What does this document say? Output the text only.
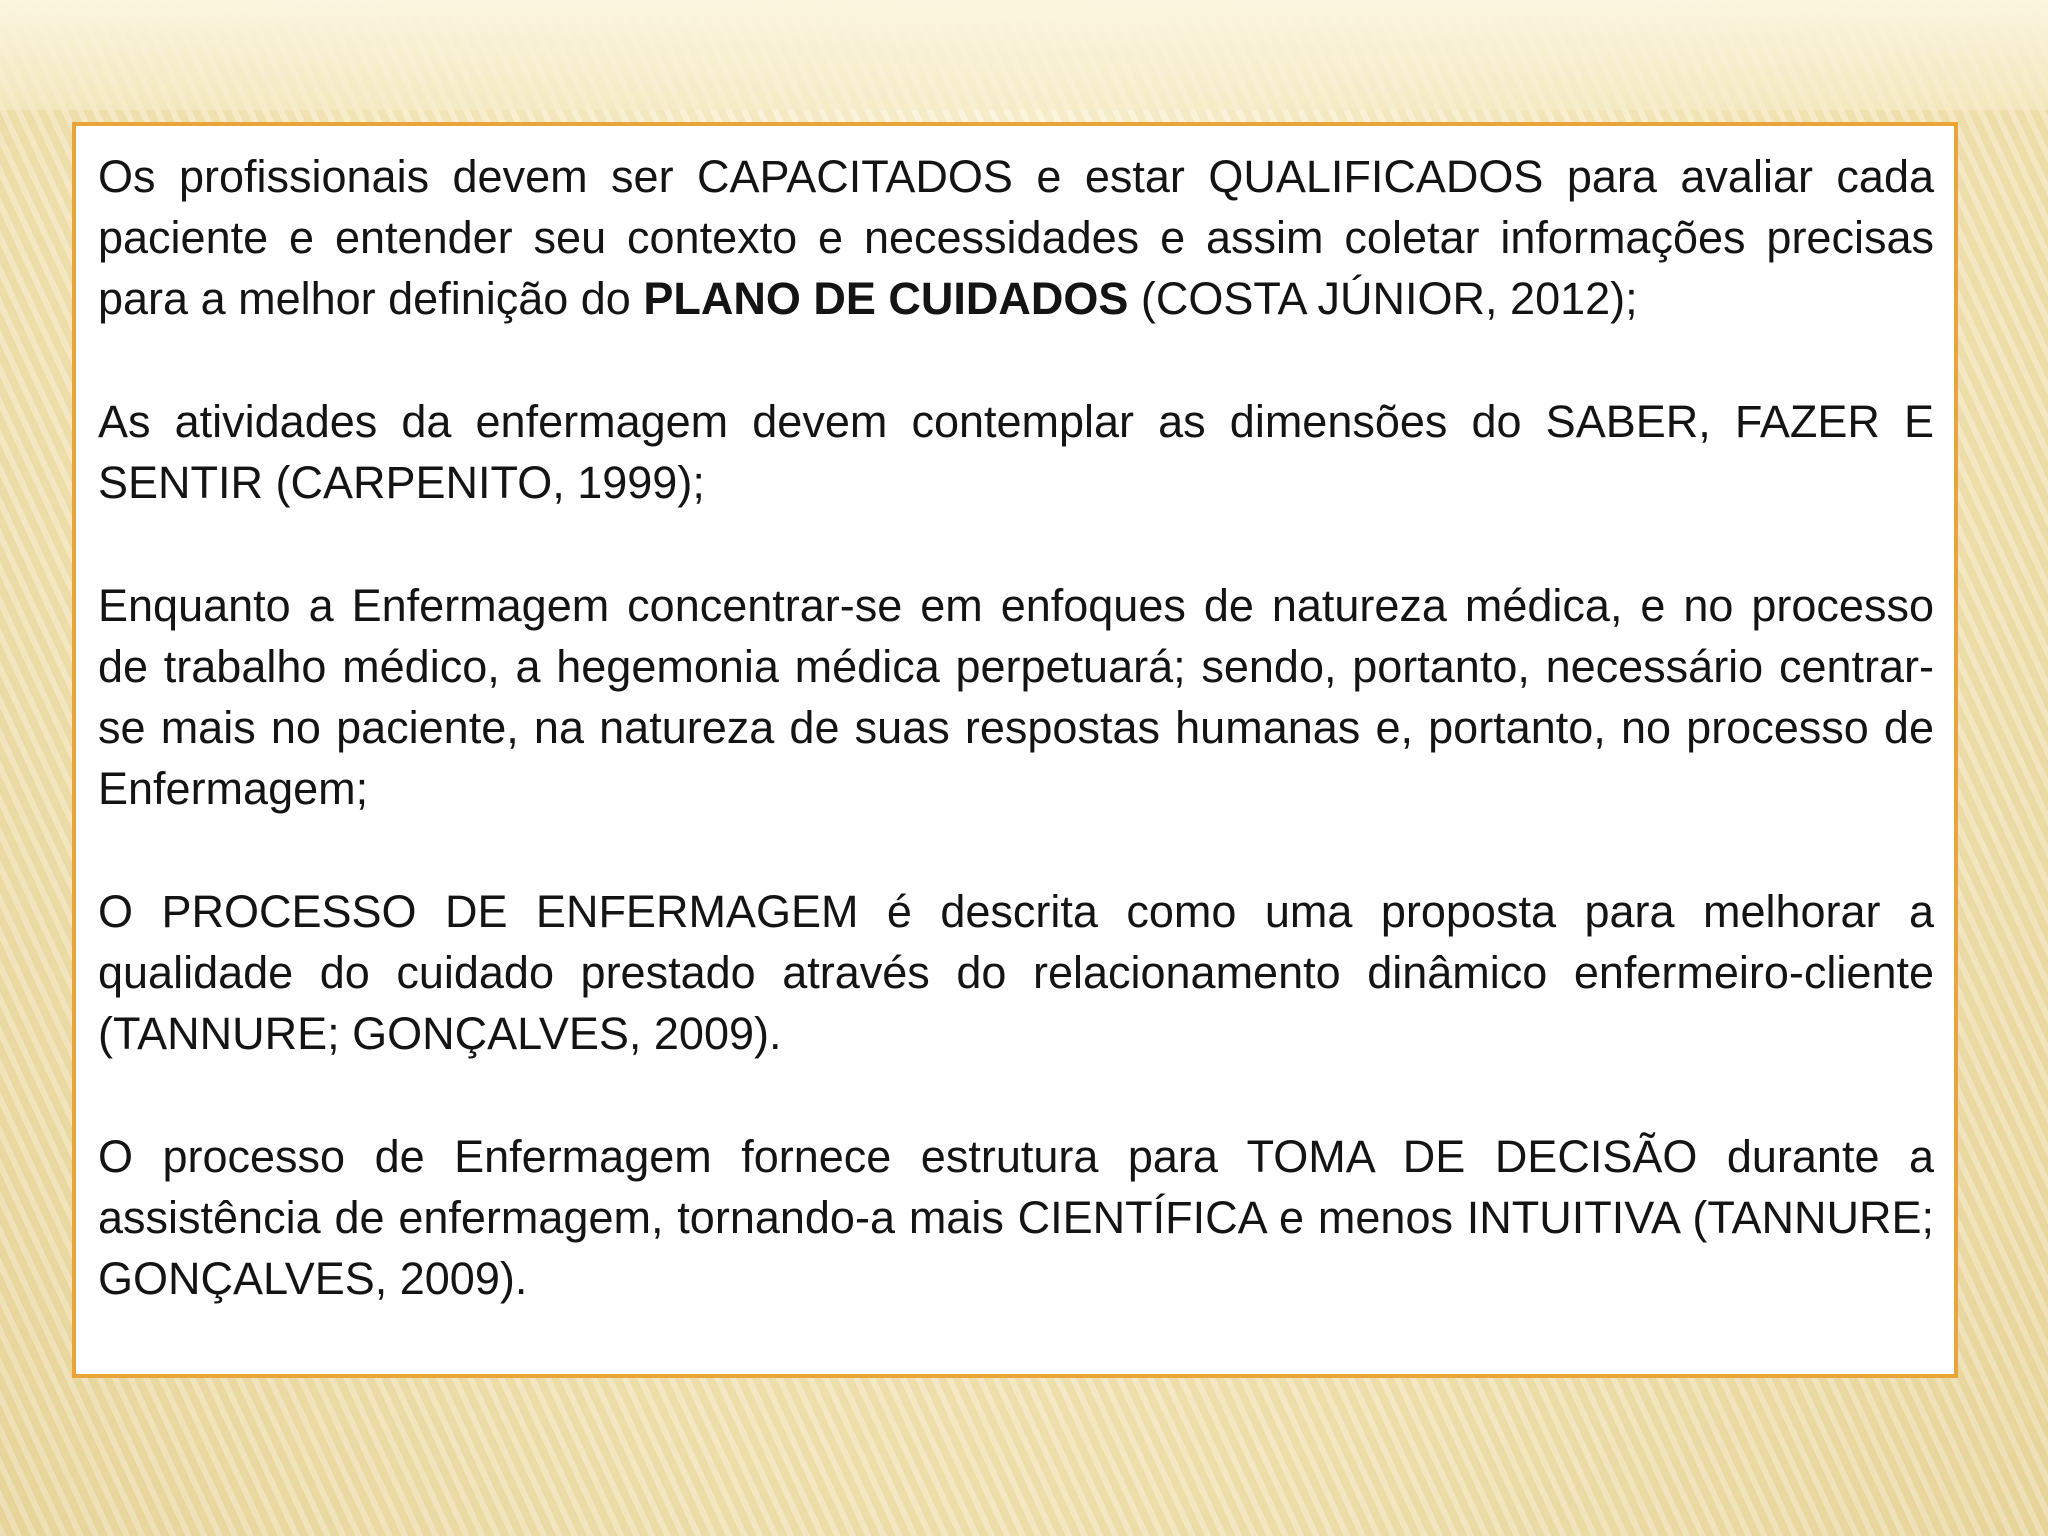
Os profissionais devem ser CAPACITADOS e estar QUALIFICADOS para avaliar cada paciente e entender seu contexto e necessidades e assim coletar informações precisas para a melhor definição do PLANO DE CUIDADOS (COSTA JÚNIOR, 2012);

As atividades da enfermagem devem contemplar as dimensões do SABER, FAZER E SENTIR (CARPENITO, 1999);

Enquanto a Enfermagem concentrar-se em enfoques de natureza médica, e no processo de trabalho médico, a hegemonia médica perpetuará; sendo, portanto, necessário centrar-se mais no paciente, na natureza de suas respostas humanas e, portanto, no processo de Enfermagem;

O PROCESSO DE ENFERMAGEM é descrita como uma proposta para melhorar a qualidade do cuidado prestado através do relacionamento dinâmico enfermeiro-cliente (TANNURE; GONÇALVES, 2009).

O processo de Enfermagem fornece estrutura para TOMA DE DECISÃO durante a assistência de enfermagem, tornando-a mais CIENTÍFICA e menos INTUITIVA (TANNURE; GONÇALVES, 2009).
